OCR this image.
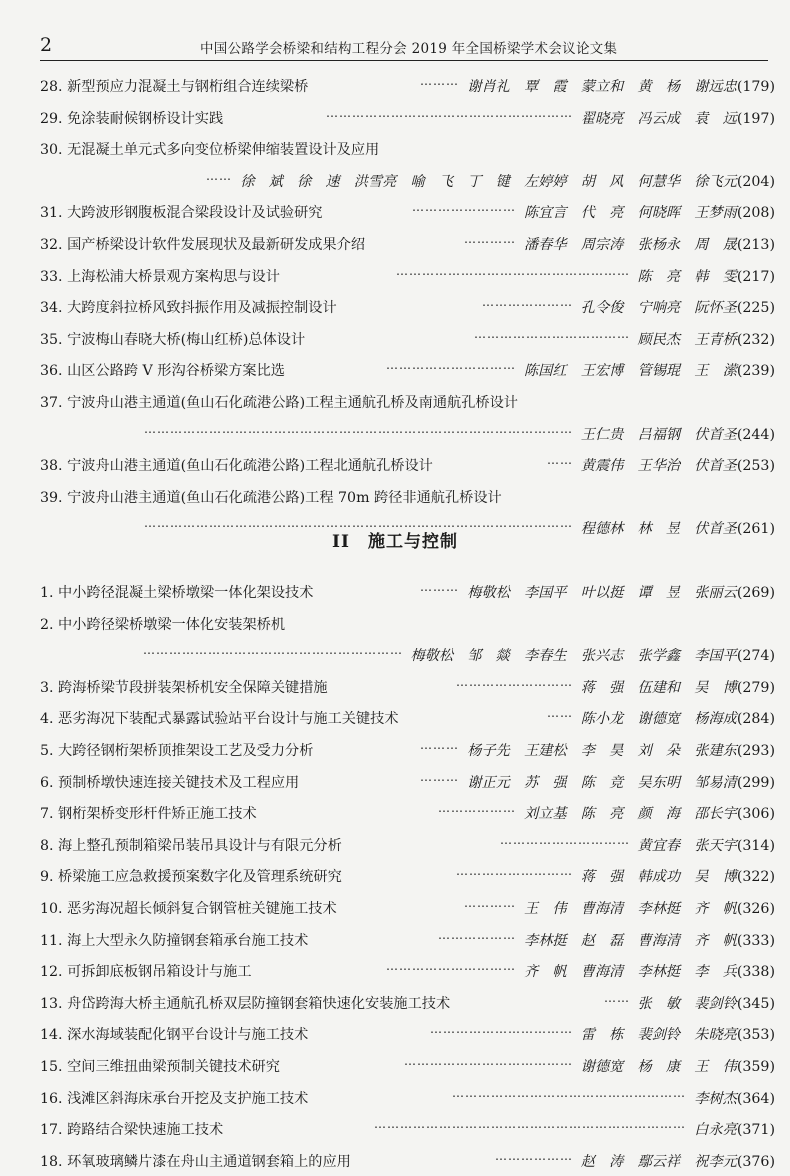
2	中国公路学会桥梁和结构工程分会 2019 年全国桥梁学术会议论文集
28. 新型预应力混凝土与钢桁组合连续梁桥	……… 谢肖礼　覃　霞　蒙立和　黄　杨　谢远忠(179)
29. 免涂装耐候钢桥设计实践	………………………………………………… 翟晓亮　冯云成　袁　远(197)
30. 无混凝土单元式多向变位桥梁伸缩装置设计及应用
…… 徐　斌　徐　速　洪雪亮　喻　飞　丁　键　左婷婷　胡　风　何慧华　徐飞元(204)
31. 大跨波形钢腹板混合梁段设计及试验研究	…………………… 陈宜言　代　亮　何晓晖　王梦雨(208)
32. 国产桥梁设计软件发展现状及最新研发成果介绍	………… 潘春华　周宗涛　张杨永　周　晟(213)
33. 上海松浦大桥景观方案构思与设计	……………………………………………… 陈　亮　韩　雯(217)
34. 大跨度斜拉桥风致抖振作用及减振控制设计	………………… 孔令俊　宁响亮　阮怀圣(225)
35. 宁波梅山春晓大桥(梅山红桥)总体设计	……………………………… 顾民杰　王青桥(232)
36. 山区公路跨 V 形沟谷桥梁方案比选	………………………… 陈国红　王宏博　管锡琨　王　潆(239)
37. 宁波舟山港主通道(鱼山石化疏港公路)工程主通航孔桥及南通航孔桥设计
……………………………………………………………………………………… 王仁贵　吕福钢　伏首圣(244)
38. 宁波舟山港主通道(鱼山石化疏港公路)工程北通航孔桥设计	…… 黄震伟　王华治　伏首圣(253)
39. 宁波舟山港主通道(鱼山石化疏港公路)工程 70m 跨径非通航孔桥设计
……………………………………………………………………………………… 程德林　林　昱　伏首圣(261)
II 施工与控制
1. 中小跨径混凝土梁桥墩梁一体化架设技术	……… 梅敬松　李国平　叶以挺　谭　昱　张丽云(269)
2. 中小跨径梁桥墩梁一体化安装架桥机
…………………………………………………… 梅敬松　邹　燚　李春生　张兴志　张学鑫　李国平(274)
3. 跨海桥梁节段拼装架桥机安全保障关键措施	……………………… 蒋　强　伍建和　吴　博(279)
4. 恶劣海况下装配式暴露试验站平台设计与施工关键技术	…… 陈小龙　谢德宽　杨海成(284)
5. 大跨径钢桁架桥顶推架设工艺及受力分析	……… 杨子先　王建松　李　昊　刘　朵　张建东(293)
6. 预制桥墩快速连接关键技术及工程应用	……… 谢正元　苏　强　陈　竞　吴东明　邹易清(299)
7. 钢桁架桥变形杆件矫正施工技术	……………… 刘立基　陈　亮　颜　海　邵长宇(306)
8. 海上整孔预制箱梁吊装吊具设计与有限元分析	………………………… 黄宜春　张天宇(314)
9. 桥梁施工应急救援预案数字化及管理系统研究	……………………… 蒋　强　韩成功　吴　博(322)
10. 恶劣海况超长倾斜复合钢管桩关键施工技术	………… 王　伟　曹海清　李林挺　齐　帆(326)
11. 海上大型永久防撞钢套箱承台施工技术	……………… 李林挺　赵　磊　曹海清　齐　帆(333)
12. 可拆卸底板钢吊箱设计与施工	………………………… 齐　帆　曹海清　李林挺　李　兵(338)
13. 舟岱跨海大桥主通航孔桥双层防撞钢套箱快速化安装施工技术	…… 张　敏　裴剑铃(345)
14. 深水海域装配化钢平台设计与施工技术	…………………………… 雷　栋　裴剑铃　朱晓亮(353)
15. 空间三维扭曲梁预制关键技术研究	………………………………… 谢德宽　杨　康　王　伟(359)
16. 浅滩区斜海床承台开挖及支护施工技术	……………………………………………… 李树杰(364)
17. 跨路结合梁快速施工技术	……………………………………………………………… 白永亮(371)
18. 环氧玻璃鳞片漆在舟山主通道钢套箱上的应用	……………… 赵　涛　鄢云祥　祝李元(376)
